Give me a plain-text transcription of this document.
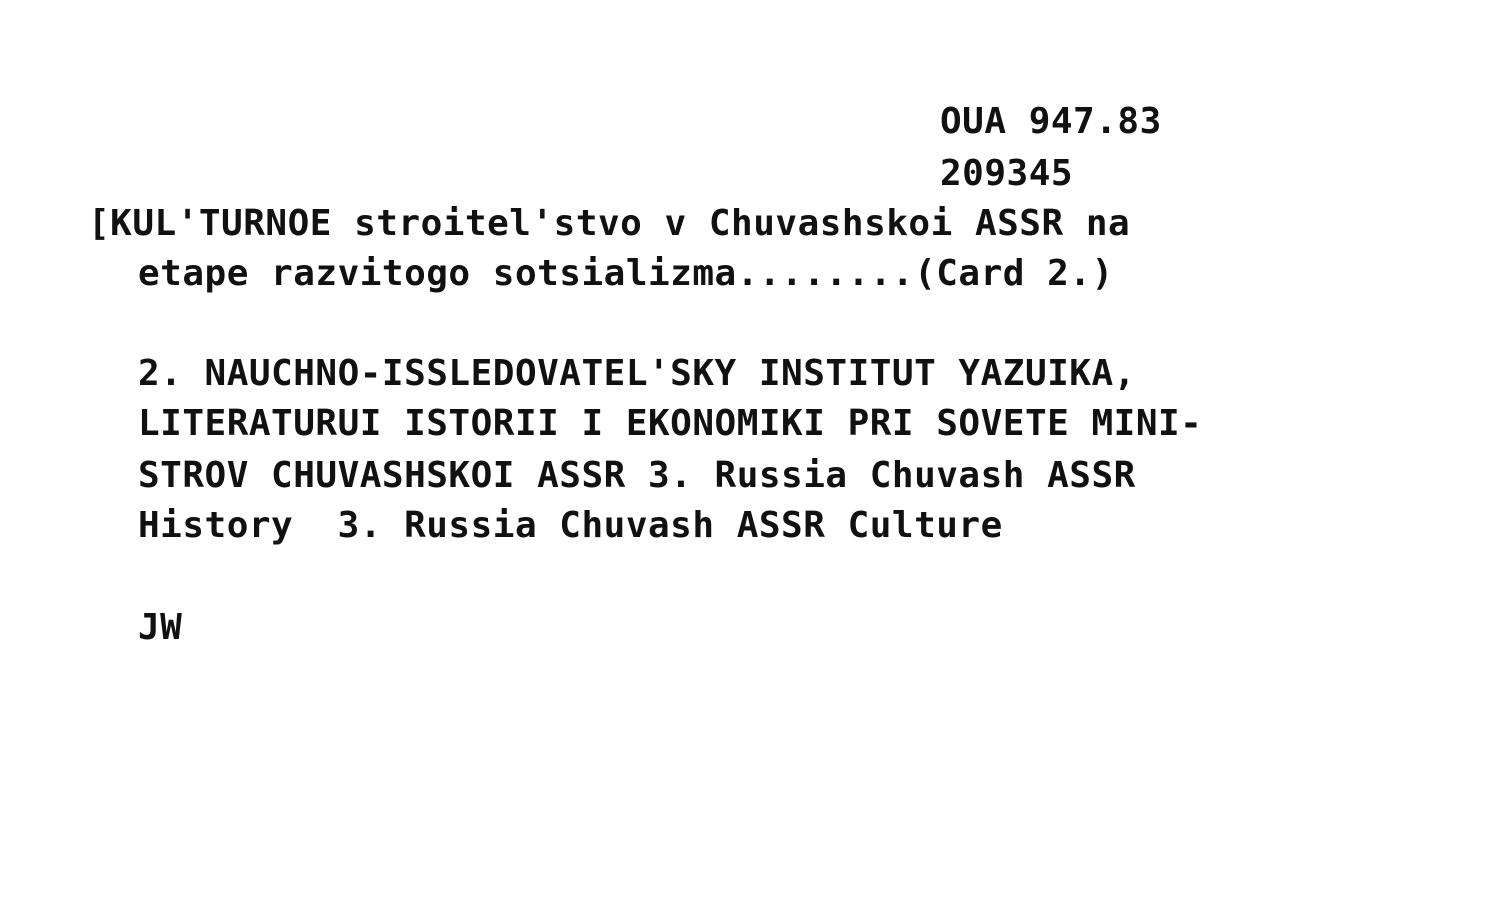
OUA 947.83
209345
[KUL'TURNOE stroitel'stvo v Chuvashskoi ASSR na
etape razvitogo sotsializma........(Card 2.)
2. NAUCHNO-ISSLEDOVATEL'SKY INSTITUT YAZUIKA,
LITERATURUI ISTORII I EKONOMIKI PRI SOVETE MINI-
STROV CHUVASHSKOI ASSR 3. Russia Chuvash ASSR
History  3. Russia Chuvash ASSR Culture
JW
